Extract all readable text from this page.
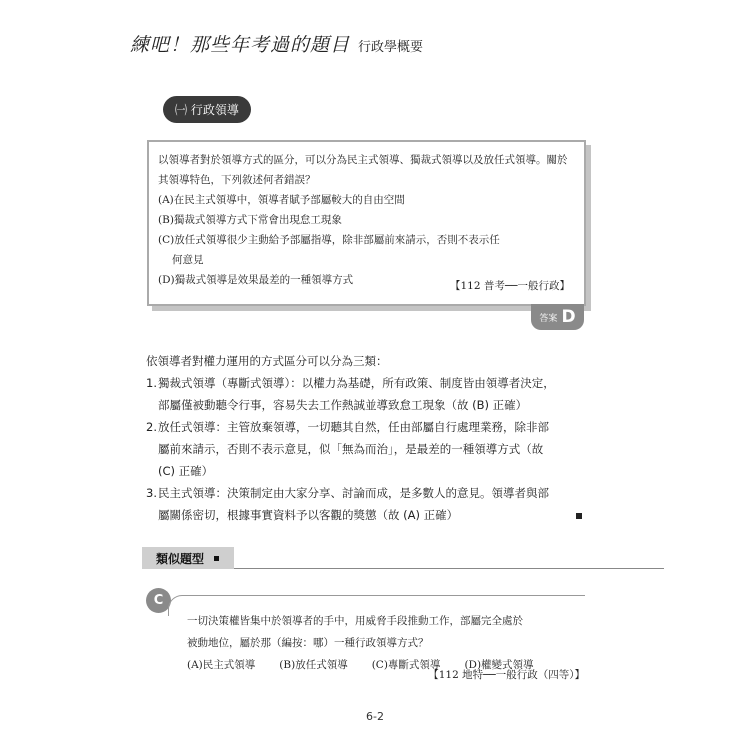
練吧！那些年考過的題目 行政學概要
㈠ 行政領導
以領導者對於領導方式的區分，可以分為民主式領導、獨裁式領導以及放任式領導。關於其領導特色，下列敘述何者錯誤？
(A)在民主式領導中，領導者賦予部屬較大的自由空間
(B)獨裁式領導方式下常會出現怠工現象
(C)放任式領導很少主動給予部屬指導，除非部屬前來請示，否則不表示任
何意見
(D)獨裁式領導是效果最差的一種領導方式	【112 普考──一般行政】
答案 D

依領導者對權力運用的方式區分可以分為三類：

1. 獨裁式領導（專斷式領導）：以權力為基礎，所有政策、制度皆由領導者決定，

部屬僅被動聽令行事，容易失去工作熱誠並導致怠工現象（故 (B) 正確）

2. 放任式領導：主管放棄領導，一切聽其自然，任由部屬自行處理業務，除非部

屬前來請示，否則不表示意見，似「無為而治」，是最差的一種領導方式（故

(C) 正確）

3. 民主式領導：決策制定由大家分享、討論而成，是多數人的意見。領導者與部

屬關係密切，根據事實資料予以客觀的獎懲（故 (A) 正確）

類似題型
C

一切決策權皆集中於領導者的手中，用威脅手段推動工作，部屬完全處於

被動地位，屬於那（編按：哪）一種行政領導方式？

(A)民主式領導 (B)放任式領導 (C)專斷式領導 (D)權變式領導
【112 地特──一般行政（四等）】
6-2
